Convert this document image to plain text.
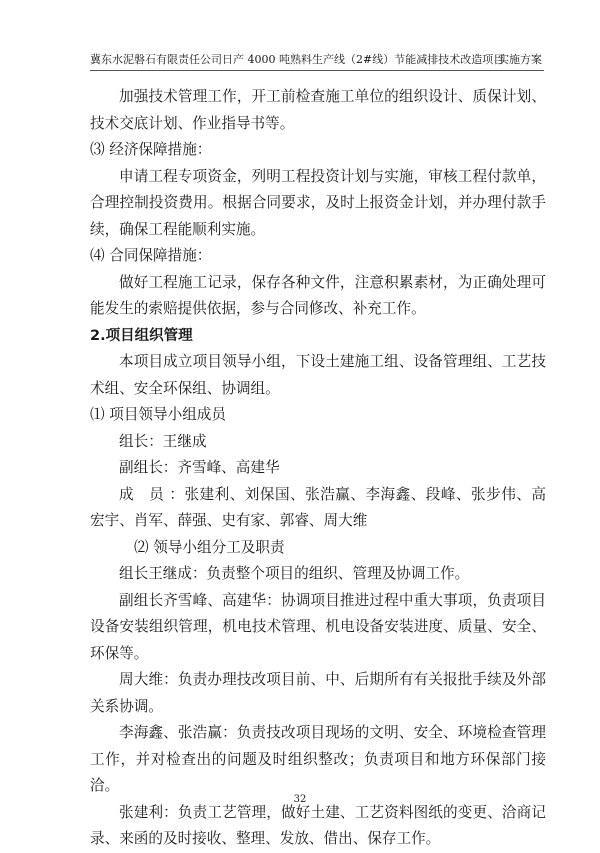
冀东水泥磐石有限责任公司日产 4000 吨熟料生产线（2#线）节能减排技术改造项目
实施方案

加强技术管理工作，开工前检查施工单位的组织设计、质保计划、技术交底计划、作业指导书等。

⑶ 经济保障措施：

申请工程专项资金，列明工程投资计划与实施，审核工程付款单，合理控制投资费用。根据合同要求，及时上报资金计划，并办理付款手续，确保工程能顺利实施。

⑷ 合同保障措施：

做好工程施工记录，保存各种文件，注意积累素材，为正确处理可能发生的索赔提供依据，参与合同修改、补充工作。

2.项目组织管理

本项目成立项目领导小组，下设土建施工组、设备管理组、工艺技术组、安全环保组、协调组。

⑴ 项目领导小组成员

组长：王继成

副组长：齐雪峰、高建华

成　员 ：张建利、刘保国、张浩赢、李海鑫、段峰、张步伟、高宏宇、肖军、薛强、史有家、郭睿、周大维

⑵ 领导小组分工及职责

组长王继成：负责整个项目的组织、管理及协调工作。

副组长齐雪峰、高建华：协调项目推进过程中重大事项，负责项目设备安装组织管理，机电技术管理、机电设备安装进度、质量、安全、环保等。

周大维：负责办理技改项目前、中、后期所有有关报批手续及外部关系协调。

李海鑫、张浩赢：负责技改项目现场的文明、安全、环境检查管理工作，并对检查出的问题及时组织整改；负责项目和地方环保部门接洽。

张建利：负责工艺管理，做好土建、工艺资料图纸的变更、洽商记录、来函的及时接收、整理、发放、借出、保存工作。

32
